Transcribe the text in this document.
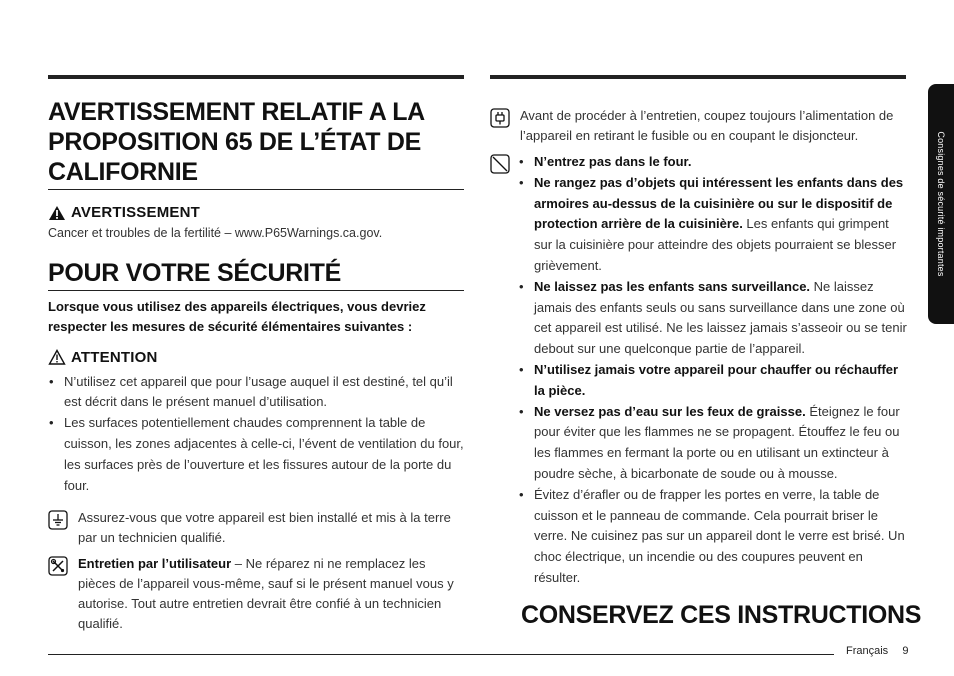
AVERTISSEMENT RELATIF A LA PROPOSITION 65 DE L’ÉTAT DE CALIFORNIE
AVERTISSEMENT
Cancer et troubles de la fertilité – www.P65Warnings.ca.gov.
POUR VOTRE SÉCURITÉ
Lorsque vous utilisez des appareils électriques, vous devriez respecter les mesures de sécurité élémentaires suivantes :
ATTENTION
• N’utilisez cet appareil que pour l’usage auquel il est destiné, tel qu’il est décrit dans le présent manuel d’utilisation.
• Les surfaces potentiellement chaudes comprennent la table de cuisson, les zones adjacentes à celle-ci, l’évent de ventilation du four, les surfaces près de l’ouverture et les fissures autour de la porte du four.
Assurez-vous que votre appareil est bien installé et mis à la terre par un technicien qualifié.
Entretien par l’utilisateur – Ne réparez ni ne remplacez les pièces de l’appareil vous-même, sauf si le présent manuel vous y autorise. Tout autre entretien devrait être confié à un technicien qualifié.
Avant de procéder à l’entretien, coupez toujours l’alimentation de l’appareil en retirant le fusible ou en coupant le disjoncteur.
• N’entrez pas dans le four.
• Ne rangez pas d’objets qui intéressent les enfants dans des armoires au-dessus de la cuisinière ou sur le dispositif de protection arrière de la cuisinière. Les enfants qui grimpent sur la cuisinière pour atteindre des objets pourraient se blesser grièvement.
• Ne laissez pas les enfants sans surveillance. Ne laissez jamais des enfants seuls ou sans surveillance dans une zone où cet appareil est utilisé. Ne les laissez jamais s’asseoir ou se tenir debout sur une quelconque partie de l’appareil.
• N’utilisez jamais votre appareil pour chauffer ou réchauffer la pièce.
• Ne versez pas d’eau sur les feux de graisse. Éteignez le four pour éviter que les flammes ne se propagent. Étouffez le feu ou les flammes en fermant la porte ou en utilisant un extincteur à poudre sèche, à bicarbonate de soude ou à mousse.
• Évitez d’érafler ou de frapper les portes en verre, la table de cuisson et le panneau de commande. Cela pourrait briser le verre. Ne cuisinez pas sur un appareil dont le verre est brisé. Un choc électrique, un incendie ou des coupures peuvent en résulter.
CONSERVEZ CES INSTRUCTIONS
Consignes de sécurité importantes
Français 9
